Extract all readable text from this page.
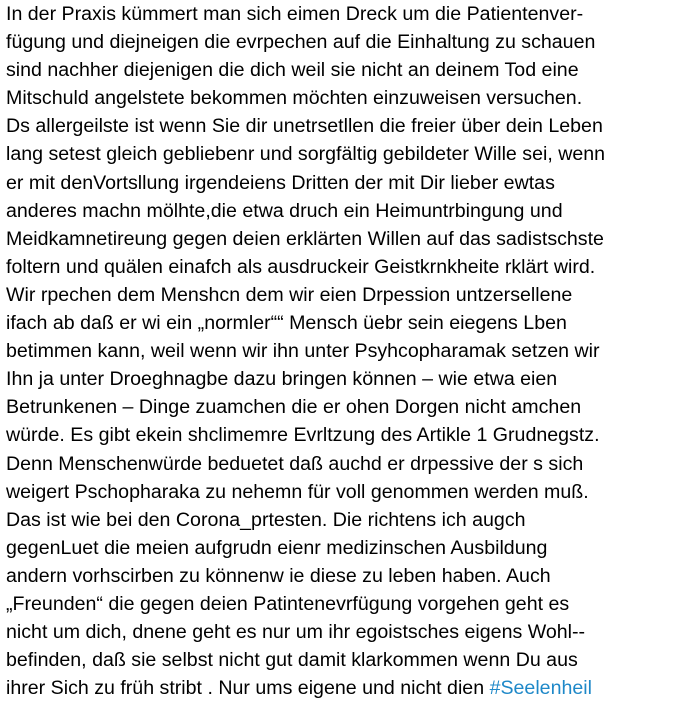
In der Praxis kümmert man sich eimen Dreck um die Patientenver-
fügung und diejneigen die evrpechen auf die Einhaltung zu schauen
sind nachher diejenigen die dich weil sie nicht an deinem Tod eine
Mitschuld angelstete bekommen möchten einzuweisen versuchen.
Ds allergeilste ist wenn Sie dir unetrsetllen die freier über dein Leben
lang setest gleich gebliebenr und sorgfältig gebildeter Wille sei, wenn
er mit denVortsllung irgendeiens Dritten der mit Dir lieber ewtas
anderes machn mölhte,die etwa druch ein Heimuntrbingung und
Meidkamnetireung gegen deien erklärten Willen auf das sadistschste
foltern und quälen einafch als ausdruckeir Geistkrnkheite rklärt wird.
Wir rpechen dem Menshcn dem wir eien Drpession untzersellene
ifach ab daß er wi ein „normler““ Mensch üebr sein eiegens Lben
betimmen kann, weil wenn wir ihn unter Psyhcopharamak setzen wir
Ihn ja unter Droeghnagbe dazu bringen können – wie etwa eien
Betrunkenen – Dinge zuamchen die er ohen Dorgen nicht amchen
würde. Es gibt ekein shclimemre Evrltzung des Artikle 1 Grudnegstz.
Denn Menschenwürde beduetet daß auchd er drpessive der s sich
weigert Pschopharaka zu nehemn für voll genommen werden muß.
Das ist wie bei den Corona_prtesten. Die richtens ich augch
gegenLuet die meien aufgrudn eienr medizinschen Ausbildung
andern vorhscirben zu könnenw ie diese zu leben haben. Auch
„Freunden“ die gegen deien Patintenevrfügung vorgehen geht es
nicht um dich, dnene geht es nur um ihr egoistsches eigens Wohl--
befinden, daß sie selbst nicht gut damit klarkommen wenn Du aus
ihrer Sich zu früh stribt . Nur ums eigene und nicht dien #Seelenheil
